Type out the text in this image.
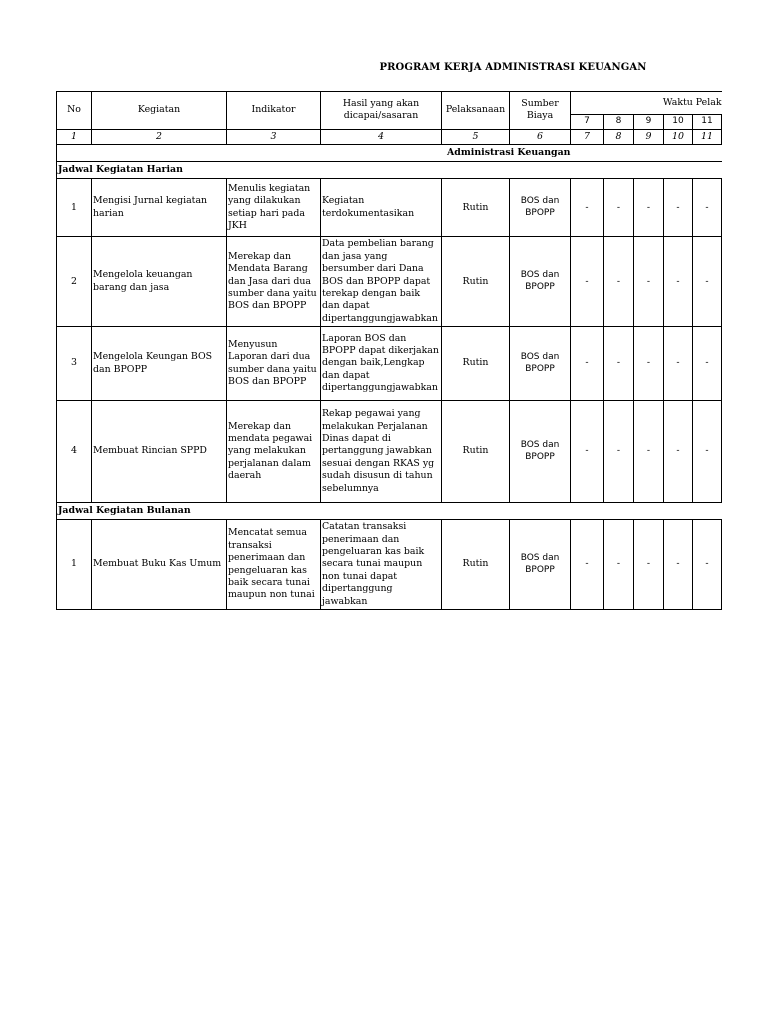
PROGRAM KERJA ADMINISTRASI KEUANGAN
No	Kegiatan	Indikator	Hasil yang akan dicapai/sasaran	Pelaksanaan	Sumber Biaya	Waktu Pelak				
						7	8	9	10	11
1	2	3	4	5	6	7	8	9	10	11
Administrasi Keuangan										
Jadwal Kegiatan Harian										
1	Mengisi Jurnal kegiatan harian	Menulis kegiatan yang dilakukan setiap hari pada JKH	Kegiatan terdokumentasikan	Rutin	BOS dan BPOPP	-	-	-	-	-
2	Mengelola keuangan barang dan jasa	Merekap dan Mendata Barang dan Jasa dari dua sumber dana yaitu BOS dan BPOPP	Data pembelian barang dan jasa yang bersumber dari Dana BOS dan BPOPP dapat terekap dengan baik dan dapat dipertanggungjawabkan	Rutin	BOS dan BPOPP	-	-	-	-	-
3	Mengelola Keungan BOS dan BPOPP	Menyusun Laporan dari dua sumber dana yaitu BOS dan BPOPP	Laporan BOS dan BPOPP dapat dikerjakan dengan baik,Lengkap dan dapat dipertanggungjawabkan	Rutin	BOS dan BPOPP	-	-	-	-	-
4	Membuat Rincian SPPD	Merekap dan mendata pegawai yang melakukan perjalanan dalam daerah	Rekap pegawai yang melakukan Perjalanan Dinas dapat di pertanggung jawabkan sesuai dengan RKAS yg sudah disusun di tahun sebelumnya	Rutin	BOS dan BPOPP	-	-	-	-	-
Jadwal Kegiatan Bulanan										
1	Membuat Buku Kas Umum	Mencatat semua transaksi penerimaan dan pengeluaran kas baik secara tunai maupun non tunai	Catatan transaksi penerimaan dan pengeluaran kas baik secara tunai maupun non tunai dapat dipertanggung jawabkan	Rutin	BOS dan BPOPP	-	-	-	-	-
